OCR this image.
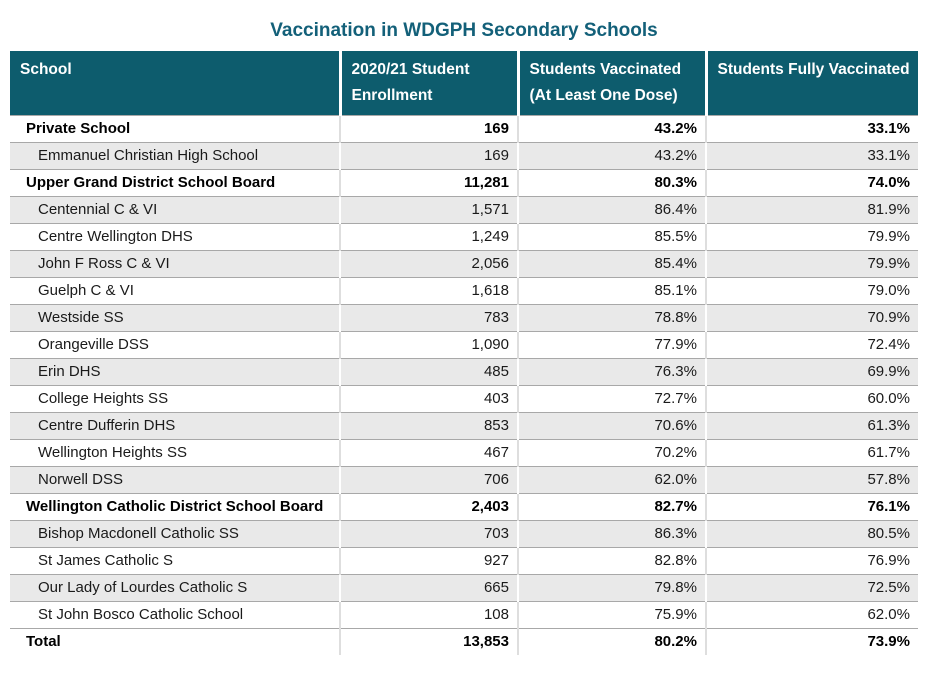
Vaccination in WDGPH Secondary Schools
School	2020/21 Student Enrollment	Students Vaccinated (At Least One Dose)	Students Fully Vaccinated
Private School	169	43.2%	33.1%
Emmanuel Christian High School	169	43.2%	33.1%
Upper Grand District School Board	11,281	80.3%	74.0%
Centennial C & VI	1,571	86.4%	81.9%
Centre Wellington DHS	1,249	85.5%	79.9%
John F Ross C & VI	2,056	85.4%	79.9%
Guelph C & VI	1,618	85.1%	79.0%
Westside SS	783	78.8%	70.9%
Orangeville DSS	1,090	77.9%	72.4%
Erin DHS	485	76.3%	69.9%
College Heights SS	403	72.7%	60.0%
Centre Dufferin DHS	853	70.6%	61.3%
Wellington Heights SS	467	70.2%	61.7%
Norwell DSS	706	62.0%	57.8%
Wellington Catholic District School Board	2,403	82.7%	76.1%
Bishop Macdonell Catholic SS	703	86.3%	80.5%
St James Catholic S	927	82.8%	76.9%
Our Lady of Lourdes Catholic S	665	79.8%	72.5%
St John Bosco Catholic School	108	75.9%	62.0%
Total	13,853	80.2%	73.9%
